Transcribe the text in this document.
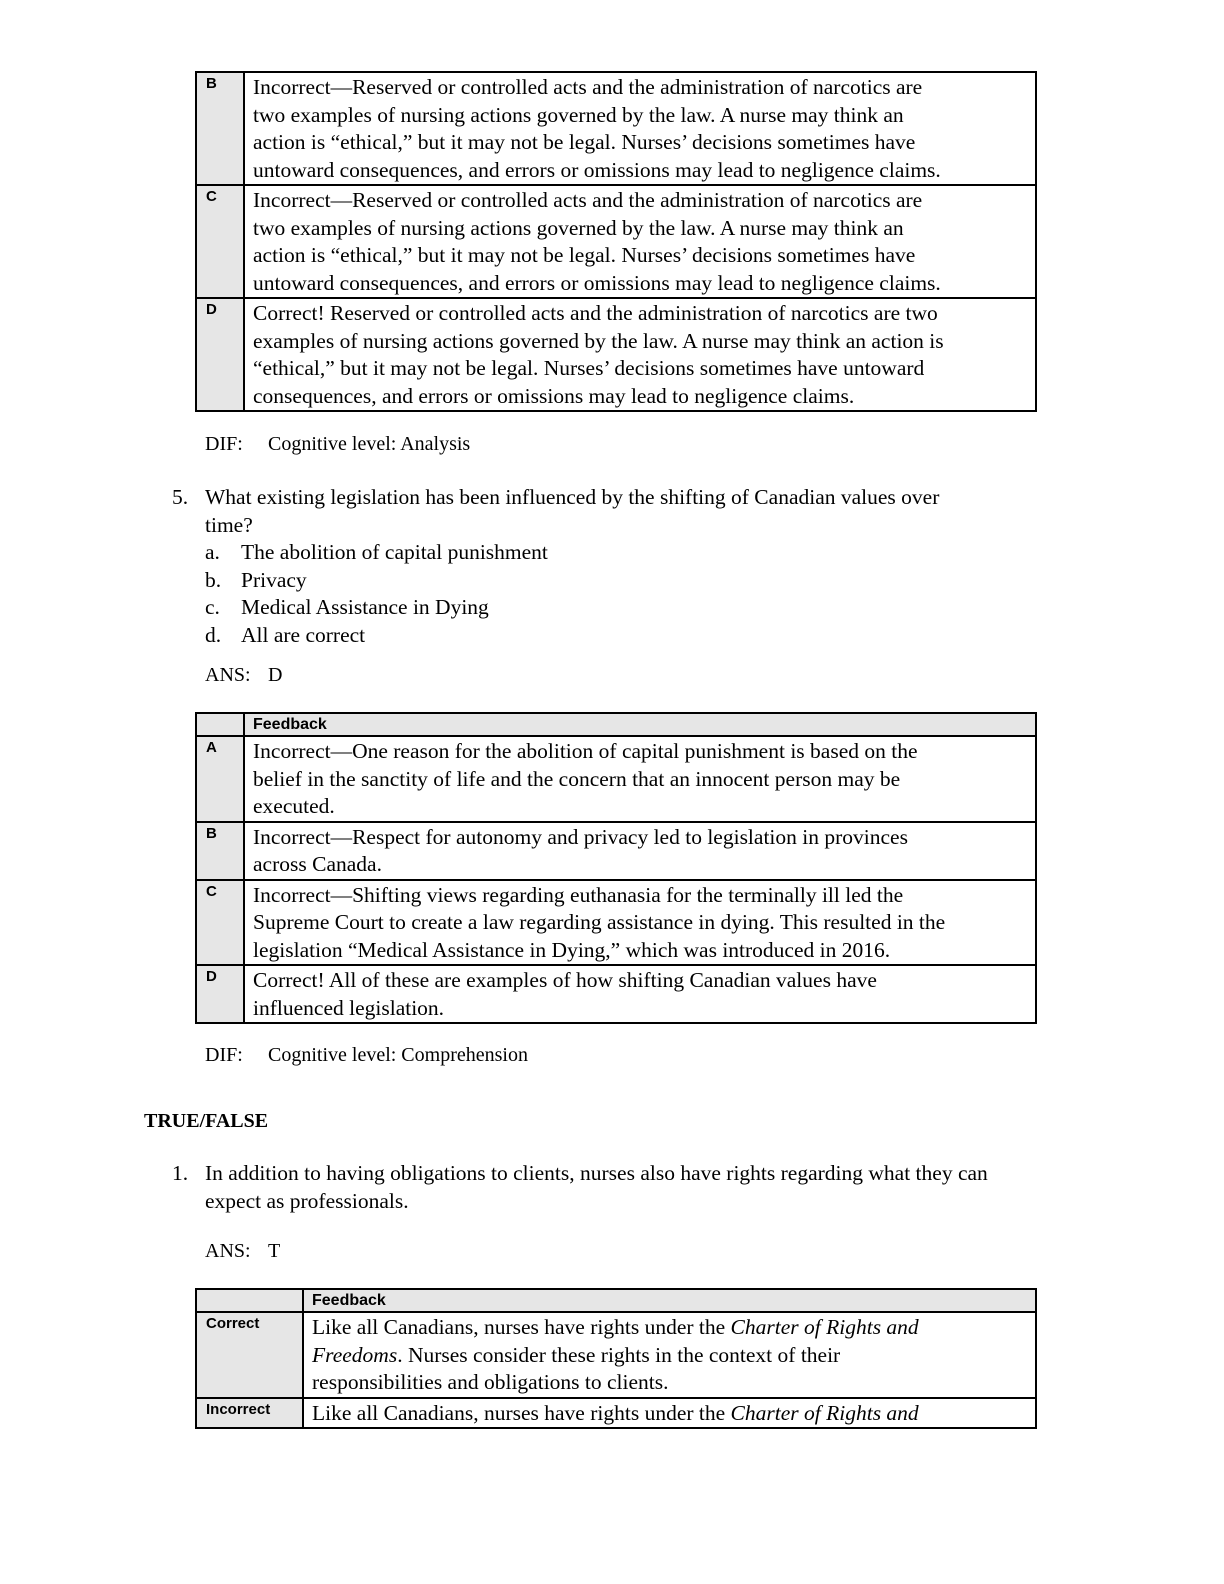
B	Incorrect—Reserved or controlled acts and the administration of narcotics are
two examples of nursing actions governed by the law. A nurse may think an
action is “ethical,” but it may not be legal. Nurses’ decisions sometimes have
untoward consequences, and errors or omissions may lead to negligence claims.

C	Incorrect—Reserved or controlled acts and the administration of narcotics are
two examples of nursing actions governed by the law. A nurse may think an
action is “ethical,” but it may not be legal. Nurses’ decisions sometimes have
untoward consequences, and errors or omissions may lead to negligence claims.

D	Correct! Reserved or controlled acts and the administration of narcotics are two
examples of nursing actions governed by the law. A nurse may think an action is
“ethical,” but it may not be legal. Nurses’ decisions sometimes have untoward
consequences, and errors or omissions may lead to negligence claims.
DIF: Cognitive level: Analysis
5. What existing legislation has been influenced by the shifting of Canadian values over
time?
a. The abolition of capital punishment
b. Privacy
c. Medical Assistance in Dying
d. All are correct
ANS: D
	Feedback
A	Incorrect—One reason for the abolition of capital punishment is based on the
belief in the sanctity of life and the concern that an innocent person may be
executed.

B	Incorrect—Respect for autonomy and privacy led to legislation in provinces
across Canada.

C	Incorrect—Shifting views regarding euthanasia for the terminally ill led the
Supreme Court to create a law regarding assistance in dying. This resulted in the
legislation “Medical Assistance in Dying,” which was introduced in 2016.

D	Correct! All of these are examples of how shifting Canadian values have
influenced legislation.
DIF: Cognitive level: Comprehension
TRUE/FALSE
1. In addition to having obligations to clients, nurses also have rights regarding what they can
expect as professionals.
ANS: T
	Feedback
Correct	Like all Canadians, nurses have rights under the Charter of Rights and
Freedoms. Nurses consider these rights in the context of their
responsibilities and obligations to clients.

Incorrect	Like all Canadians, nurses have rights under the Charter of Rights and
